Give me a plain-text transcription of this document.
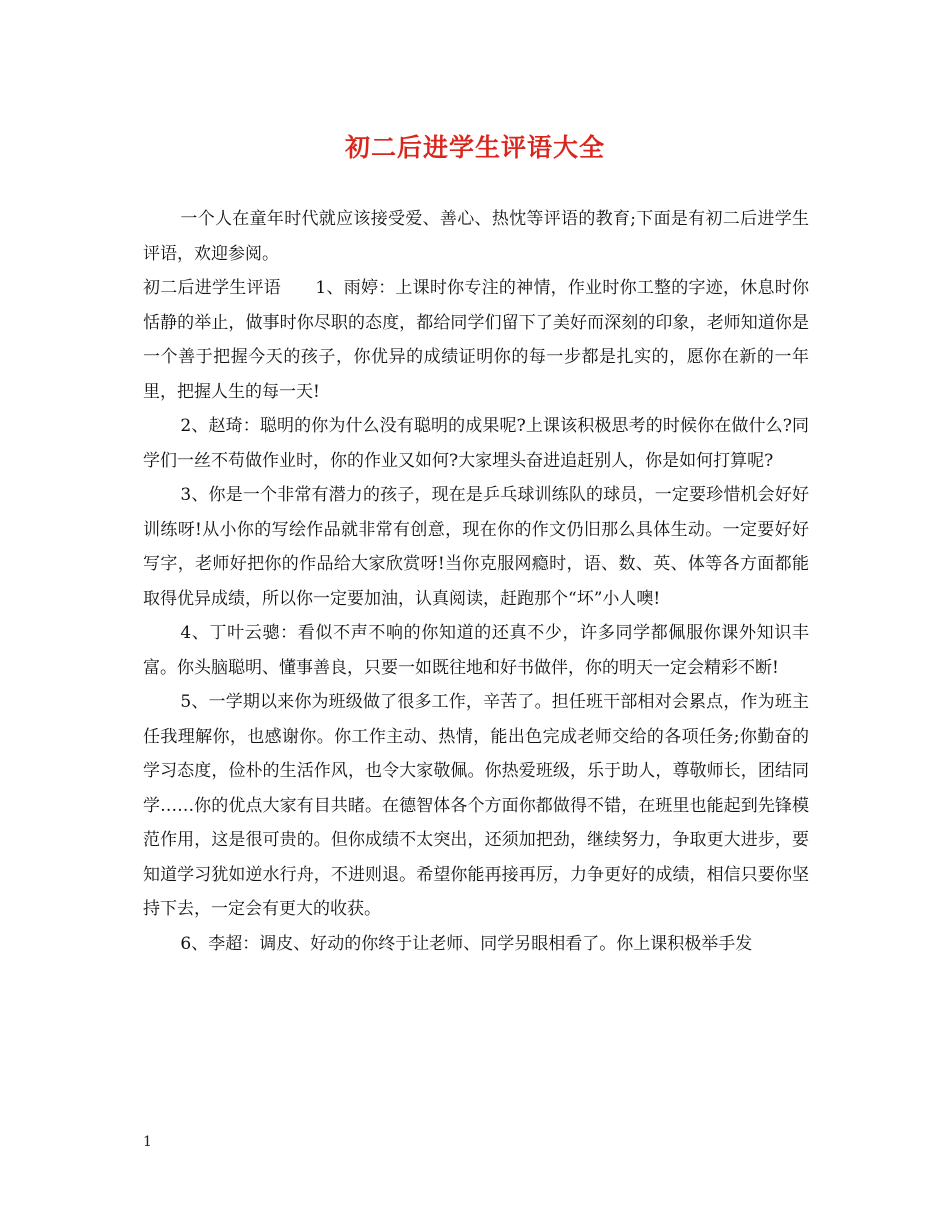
初二后进学生评语大全

一个人在童年时代就应该接受爱、善心、热忱等评语的教育;下面是有初二后进学生评语，欢迎参阅。

初二后进学生评语　　1、雨婷：上课时你专注的神情，作业时你工整的字迹，休息时你恬静的举止，做事时你尽职的态度，都给同学们留下了美好而深刻的印象，老师知道你是一个善于把握今天的孩子，你优异的成绩证明你的每一步都是扎实的，愿你在新的一年里，把握人生的每一天!

2、赵琦：聪明的你为什么没有聪明的成果呢?上课该积极思考的时候你在做什么?同学们一丝不苟做作业时，你的作业又如何?大家埋头奋进追赶别人，你是如何打算呢?

3、你是一个非常有潜力的孩子，现在是乒乓球训练队的球员，一定要珍惜机会好好训练呀!从小你的写绘作品就非常有创意，现在你的作文仍旧那么具体生动。一定要好好写字，老师好把你的作品给大家欣赏呀!当你克服网瘾时，语、数、英、体等各方面都能取得优异成绩，所以你一定要加油，认真阅读，赶跑那个“坏”小人噢!

4、丁叶云骢：看似不声不响的你知道的还真不少，许多同学都佩服你课外知识丰富。你头脑聪明、懂事善良，只要一如既往地和好书做伴，你的明天一定会精彩不断!

5、一学期以来你为班级做了很多工作，辛苦了。担任班干部相对会累点，作为班主任我理解你，也感谢你。你工作主动、热情，能出色完成老师交给的各项任务;你勤奋的学习态度，俭朴的生活作风，也令大家敬佩。你热爱班级，乐于助人，尊敬师长，团结同学……你的优点大家有目共睹。在德智体各个方面你都做得不错，在班里也能起到先锋模范作用，这是很可贵的。但你成绩不太突出，还须加把劲，继续努力，争取更大进步，要知道学习犹如逆水行舟，不进则退。希望你能再接再厉，力争更好的成绩，相信只要你坚持下去，一定会有更大的收获。

6、李超：调皮、好动的你终于让老师、同学另眼相看了。你上课积极举手发

1
